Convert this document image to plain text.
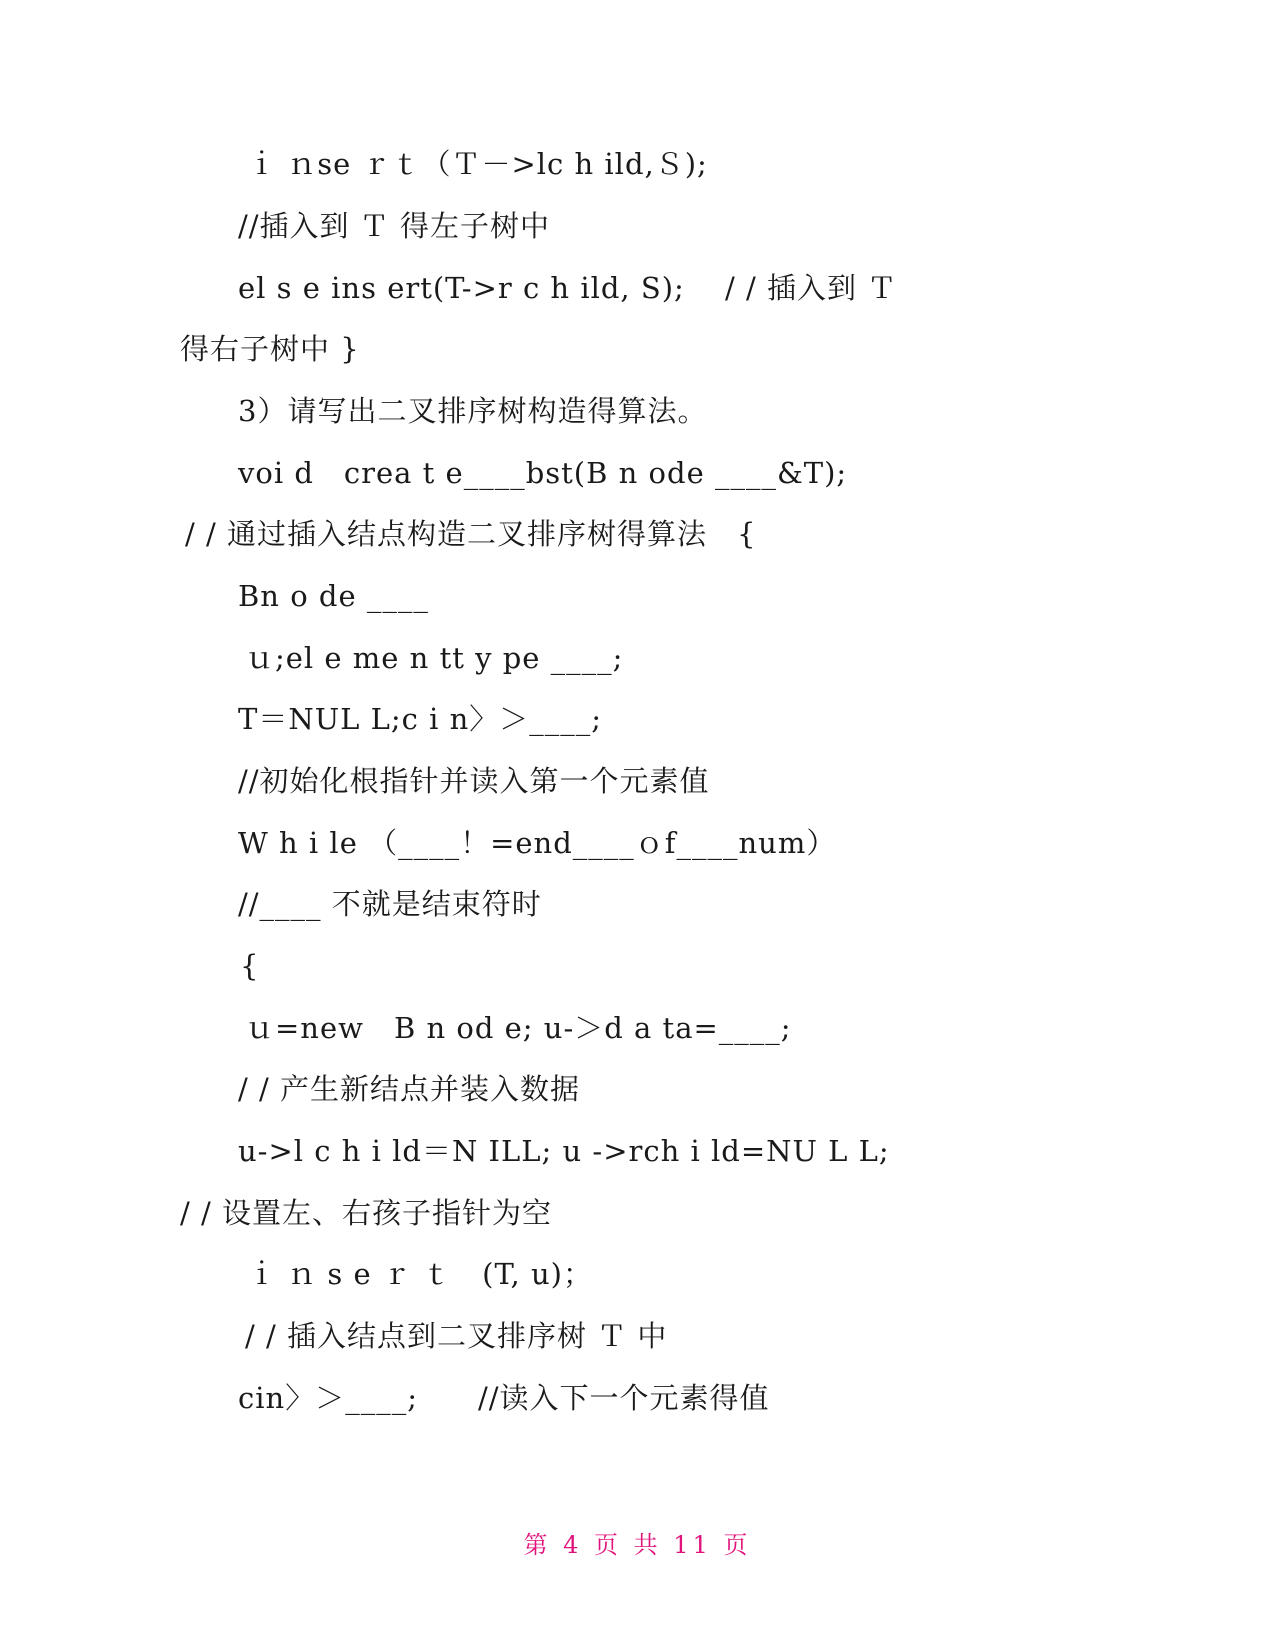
ｉ ｎse ｒｔ（Ｔ－>lc h ild,Ｓ);
//插入到 Ｔ 得左子树中
el s e ins ert(T->r c h ild, S);　 / / 插入到 Ｔ
得右子树中 }
3）请写出二叉排序树构造得算法。
voi d　crea t e____bst(B n ode ____&T);
/ / 通过插入结点构造二叉排序树得算法　{
Bn o de ____
ｕ;el e me n tt y pe ____;
T＝NUL L;c i n〉＞____;
//初始化根指针并读入第一个元素值
W h i le （____！=end____ｏf____num）
//____ 不就是结束符时
{
ｕ=new　B n od e; u-＞d a ta=____;
/ / 产生新结点并装入数据
u->l c h i ld＝N ILL; u ->rch i ld=NU L L;
/ / 设置左、右孩子指针为空
ｉ ｎ s e ｒ ｔ　(T, u)；
/ / 插入结点到二叉排序树 Ｔ 中
cin〉＞____;　　//读入下一个元素得值
第 4 页 共 11 页
